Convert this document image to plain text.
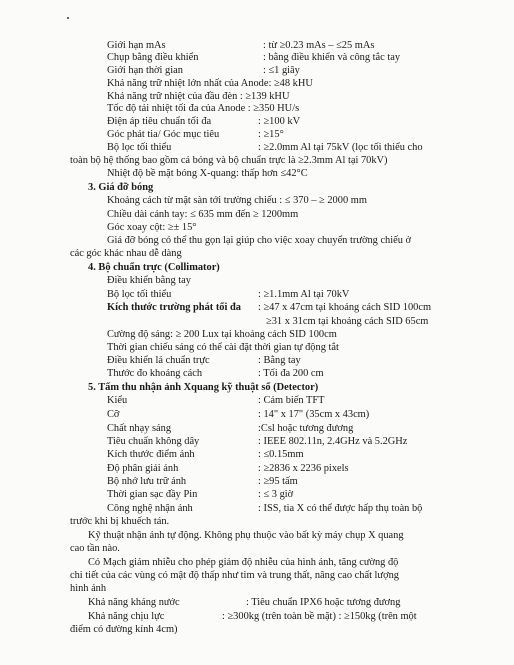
Giới hạn mAs	: từ ≥0.23 mAs – ≤25 mAs
Chụp bằng điều khiển	: bằng điều khiển và công tắc tay
Giới hạn thời gian	: ≤1 giây
Khả năng trữ nhiệt lớn nhất của Anode: ≥48 kHU
Khả năng trữ nhiệt của đầu đèn : ≥139 kHU
Tốc độ tải nhiệt tối đa của Anode : ≥350 HU/s
Điện áp tiêu chuẩn tối đa	: ≥100 kV
Góc phát tia/ Góc mục tiêu	: ≥15°
Bộ lọc tối thiểu	: ≥2.0mm Al tại 75kV (lọc tối thiểu cho
toàn bộ hệ thống bao gồm cả bóng và bộ chuẩn trực là ≥2.3mm Al tại 70kV)
Nhiệt độ bề mặt bóng X-quang: thấp hơn ≤42°C
3. Giá đỡ bóng
Khoảng cách từ mặt sàn tới trường chiếu : ≤ 370 – ≥ 2000 mm
Chiều dài cánh tay: ≤ 635 mm đến ≥ 1200mm
Góc xoay cột: ≥± 15°
Giá đỡ bóng có thể thu gọn lại giúp cho việc xoay chuyển trường chiếu ở
các góc khác nhau dễ dàng
4. Bộ chuẩn trực (Collimator)
Điều khiển bằng tay
Bộ lọc tối thiểu	: ≥1.1mm Al tại 70kV
Kích thước trường phát tối đa : ≥47 x 47cm tại khoảng cách SID 100cm
≥31 x 31cm tại khoảng cách SID 65cm
Cường độ sáng: ≥ 200 Lux tại khoảng cách SID 100cm
Thời gian chiếu sáng có thể cài đặt thời gian tự động tắt
Điều khiển lá chuẩn trực	: Bằng tay
Thước đo khoảng cách	: Tối đa 200 cm
5. Tấm thu nhận ảnh Xquang kỹ thuật số (Detector)
Kiểu	: Cảm biến TFT
Cỡ	: 14" x 17" (35cm x 43cm)
Chất nhạy sáng	:Csl hoặc tương đương
Tiêu chuẩn không dây	: IEEE 802.11n, 2.4GHz và 5.2GHz
Kích thước điểm ảnh	: ≤0.15mm
Độ phân giải ảnh	: ≥2836 x 2236 pixels
Bộ nhớ lưu trữ ảnh	: ≥95 tấm
Thời gian sạc đầy Pin	: ≤ 3 giờ
Công nghệ nhận ảnh	: ISS, tia X có thể được hấp thụ toàn bộ
trước khi bị khuếch tán.
Kỹ thuật nhận ảnh tự động. Không phụ thuộc vào bất kỳ máy chụp X quang
cao tần nào.
Có Mạch giảm nhiễu cho phép giảm độ nhiễu của hình ảnh, tăng cường độ
chi tiết của các vùng có mật độ thấp như tim và trung thất, nâng cao chất lượng
hình ảnh
Khả năng kháng nước	: Tiêu chuẩn IPX6 hoặc tương đương
Khả năng chịu lực	: ≥300kg (trên toàn bề mặt) : ≥150kg (trên một
điểm có đường kính 4cm)
